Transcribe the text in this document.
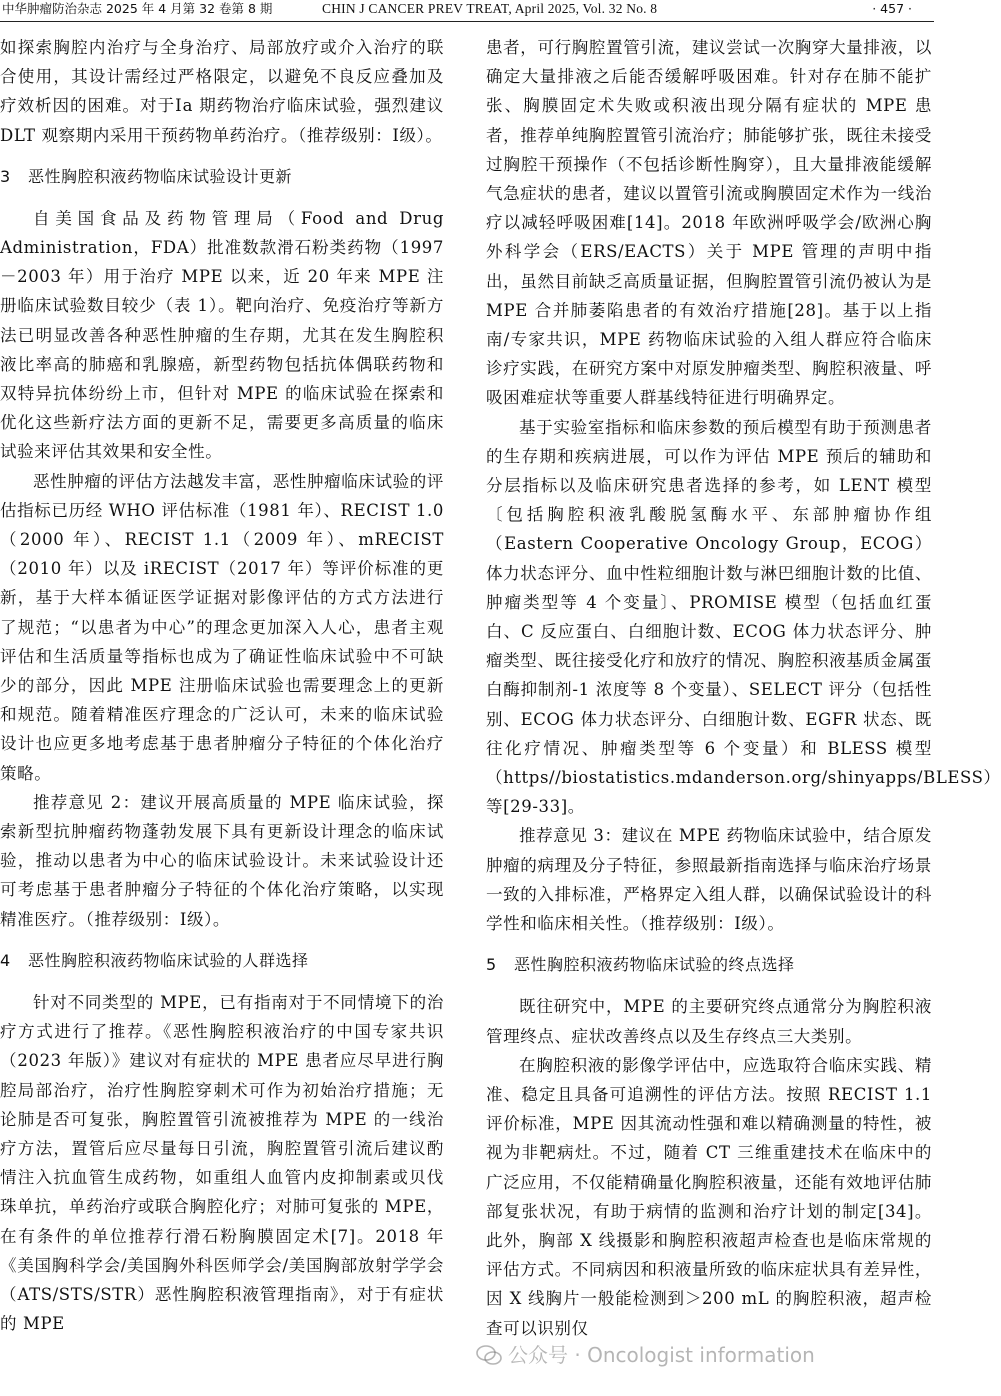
中华肿瘤防治杂志 2025 年 4 月第 32 卷第 8 期	CHIN J CANCER PREV TREAT, April 2025, Vol. 32 No. 8	· 457 ·

如探索胸腔内治疗与全身治疗、局部放疗或介入治疗的联合使用，其设计需经过严格限定，以避免不良反应叠加及疗效析因的困难。对于Ⅰa 期药物治疗临床试验，强烈建议 DLT 观察期内采用干预药物单药治疗。（推荐级别：Ⅰ级）。

3 恶性胸腔积液药物临床试验设计更新

自美国食品及药物管理局（Food and Drug Administration，FDA）批准数款滑石粉类药物（1997－2003 年）用于治疗 MPE 以来，近 20 年来 MPE 注册临床试验数目较少（表 1）。靶向治疗、免疫治疗等新方法已明显改善各种恶性肿瘤的生存期，尤其在发生胸腔积液比率高的肺癌和乳腺癌，新型药物包括抗体偶联药物和双特异抗体纷纷上市，但针对 MPE 的临床试验在探索和优化这些新疗法方面的更新不足，需要更多高质量的临床试验来评估其效果和安全性。

恶性肿瘤的评估方法越发丰富，恶性肿瘤临床试验的评估指标已历经 WHO 评估标准（1981 年）、RECIST 1.0（2000 年）、RECIST 1.1（2009 年）、mRECIST（2010 年）以及 iRECIST（2017 年）等评价标准的更新，基于大样本循证医学证据对影像评估的方式方法进行了规范；“以患者为中心”的理念更加深入人心，患者主观评估和生活质量等指标也成为了确证性临床试验中不可缺少的部分，因此 MPE 注册临床试验也需要理念上的更新和规范。随着精准医疗理念的广泛认可，未来的临床试验设计也应更多地考虑基于患者肿瘤分子特征的个体化治疗策略。

推荐意见 2：建议开展高质量的 MPE 临床试验，探索新型抗肿瘤药物蓬勃发展下具有更新设计理念的临床试验，推动以患者为中心的临床试验设计。未来试验设计还可考虑基于患者肿瘤分子特征的个体化治疗策略，以实现精准医疗。（推荐级别：Ⅰ级）。

4 恶性胸腔积液药物临床试验的人群选择

针对不同类型的 MPE，已有指南对于不同情境下的治疗方式进行了推荐。《恶性胸腔积液治疗的中国专家共识（2023 年版）》建议对有症状的 MPE 患者应尽早进行胸腔局部治疗，治疗性胸腔穿刺术可作为初始治疗措施；无论肺是否可复张，胸腔置管引流被推荐为 MPE 的一线治疗方法，置管后应尽量每日引流，胸腔置管引流后建议酌情注入抗血管生成药物，如重组人血管内皮抑制素或贝伐珠单抗，单药治疗或联合胸腔化疗；对肺可复张的 MPE，在有条件的单位推荐行滑石粉胸膜固定术[7]。2018 年《美国胸科学会/美国胸外科医师学会/美国胸部放射学学会（ATS/STS/STR）恶性胸腔积液管理指南》，对于有症状的 MPE

患者，可行胸腔置管引流，建议尝试一次胸穿大量排液，以确定大量排液之后能否缓解呼吸困难。针对存在肺不能扩张、胸膜固定术失败或积液出现分隔有症状的 MPE 患者，推荐单纯胸腔置管引流治疗；肺能够扩张，既往未接受过胸腔干预操作（不包括诊断性胸穿），且大量排液能缓解气急症状的患者，建议以置管引流或胸膜固定术作为一线治疗以减轻呼吸困难[14]。2018 年欧洲呼吸学会/欧洲心胸外科学会（ERS/EACTS）关于 MPE 管理的声明中指出，虽然目前缺乏高质量证据，但胸腔置管引流仍被认为是 MPE 合并肺萎陷患者的有效治疗措施[28]。基于以上指南/专家共识，MPE 药物临床试验的入组人群应符合临床诊疗实践，在研究方案中对原发肿瘤类型、胸腔积液量、呼吸困难症状等重要人群基线特征进行明确界定。

基于实验室指标和临床参数的预后模型有助于预测患者的生存期和疾病进展，可以作为评估 MPE 预后的辅助和分层指标以及临床研究患者选择的参考，如 LENT 模型〔包括胸腔积液乳酸脱氢酶水平、东部肿瘤协作组（Eastern Cooperative Oncology Group，ECOG）体力状态评分、血中性粒细胞计数与淋巴细胞计数的比值、肿瘤类型等 4 个变量〕、PROMISE 模型（包括血红蛋白、C 反应蛋白、白细胞计数、ECOG 体力状态评分、肿瘤类型、既往接受化疗和放疗的情况、胸腔积液基质金属蛋白酶抑制剂-1 浓度等 8 个变量）、SELECT 评分（包括性别、ECOG 体力状态评分、白细胞计数、EGFR 状态、既往化疗情况、肿瘤类型等 6 个变量）和 BLESS 模型（https//biostatistics.mdanderson.org/shinyapps/BLESS）等[29-33]。

推荐意见 3：建议在 MPE 药物临床试验中，结合原发肿瘤的病理及分子特征，参照最新指南选择与临床治疗场景一致的入排标准，严格界定入组人群，以确保试验设计的科学性和临床相关性。（推荐级别：Ⅰ级）。

5 恶性胸腔积液药物临床试验的终点选择

既往研究中，MPE 的主要研究终点通常分为胸腔积液管理终点、症状改善终点以及生存终点三大类别。

在胸腔积液的影像学评估中，应选取符合临床实践、精准、稳定且具备可追溯性的评估方法。按照 RECIST 1.1 评价标准，MPE 因其流动性强和难以精确测量的特性，被视为非靶病灶。不过，随着 CT 三维重建技术在临床中的广泛应用，不仅能精确量化胸腔积液量，还能有效地评估肺部复张状况，有助于病情的监测和治疗计划的制定[34]。此外，胸部 X 线摄影和胸腔积液超声检查也是临床常规的评估方式。不同病因和积液量所致的临床症状具有差异性，因 X 线胸片一般能检测到＞200 mL 的胸腔积液，超声检查可以识别仅

公众号 · Oncologist information
